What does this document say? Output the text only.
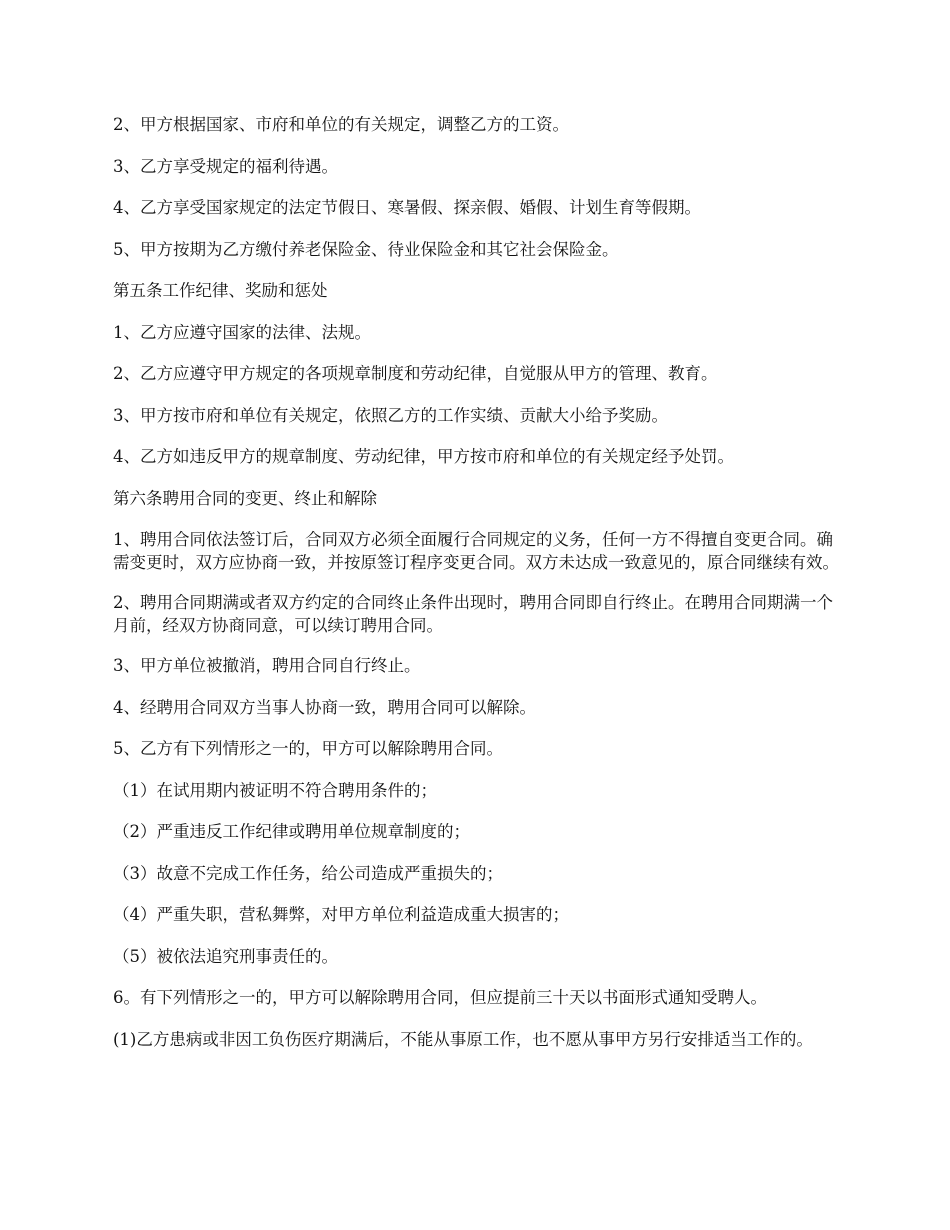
2、甲方根据国家、市府和单位的有关规定，调整乙方的工资。

3、乙方享受规定的福利待遇。

4、乙方享受国家规定的法定节假日、寒暑假、探亲假、婚假、计划生育等假期。

5、甲方按期为乙方缴付养老保险金、待业保险金和其它社会保险金。

第五条工作纪律、奖励和惩处

1、乙方应遵守国家的法律、法规。

2、乙方应遵守甲方规定的各项规章制度和劳动纪律，自觉服从甲方的管理、教育。

3、甲方按市府和单位有关规定，依照乙方的工作实绩、贡献大小给予奖励。

4、乙方如违反甲方的规章制度、劳动纪律，甲方按市府和单位的有关规定经予处罚。

第六条聘用合同的变更、终止和解除

1、聘用合同依法签订后，合同双方必须全面履行合同规定的义务，任何一方不得擅自变更合同。确需变更时，双方应协商一致，并按原签订程序变更合同。双方未达成一致意见的，原合同继续有效。

2、聘用合同期满或者双方约定的合同终止条件出现时，聘用合同即自行终止。在聘用合同期满一个月前，经双方协商同意，可以续订聘用合同。

3、甲方单位被撤消，聘用合同自行终止。

4、经聘用合同双方当事人协商一致，聘用合同可以解除。

5、乙方有下列情形之一的，甲方可以解除聘用合同。

（1）在试用期内被证明不符合聘用条件的；

（2）严重违反工作纪律或聘用单位规章制度的；

（3）故意不完成工作任务，给公司造成严重损失的；

（4）严重失职，营私舞弊，对甲方单位利益造成重大损害的；

（5）被依法追究刑事责任的。

6。有下列情形之一的，甲方可以解除聘用合同，但应提前三十天以书面形式通知受聘人。

(1)乙方患病或非因工负伤医疗期满后，不能从事原工作，也不愿从事甲方另行安排适当工作的。
